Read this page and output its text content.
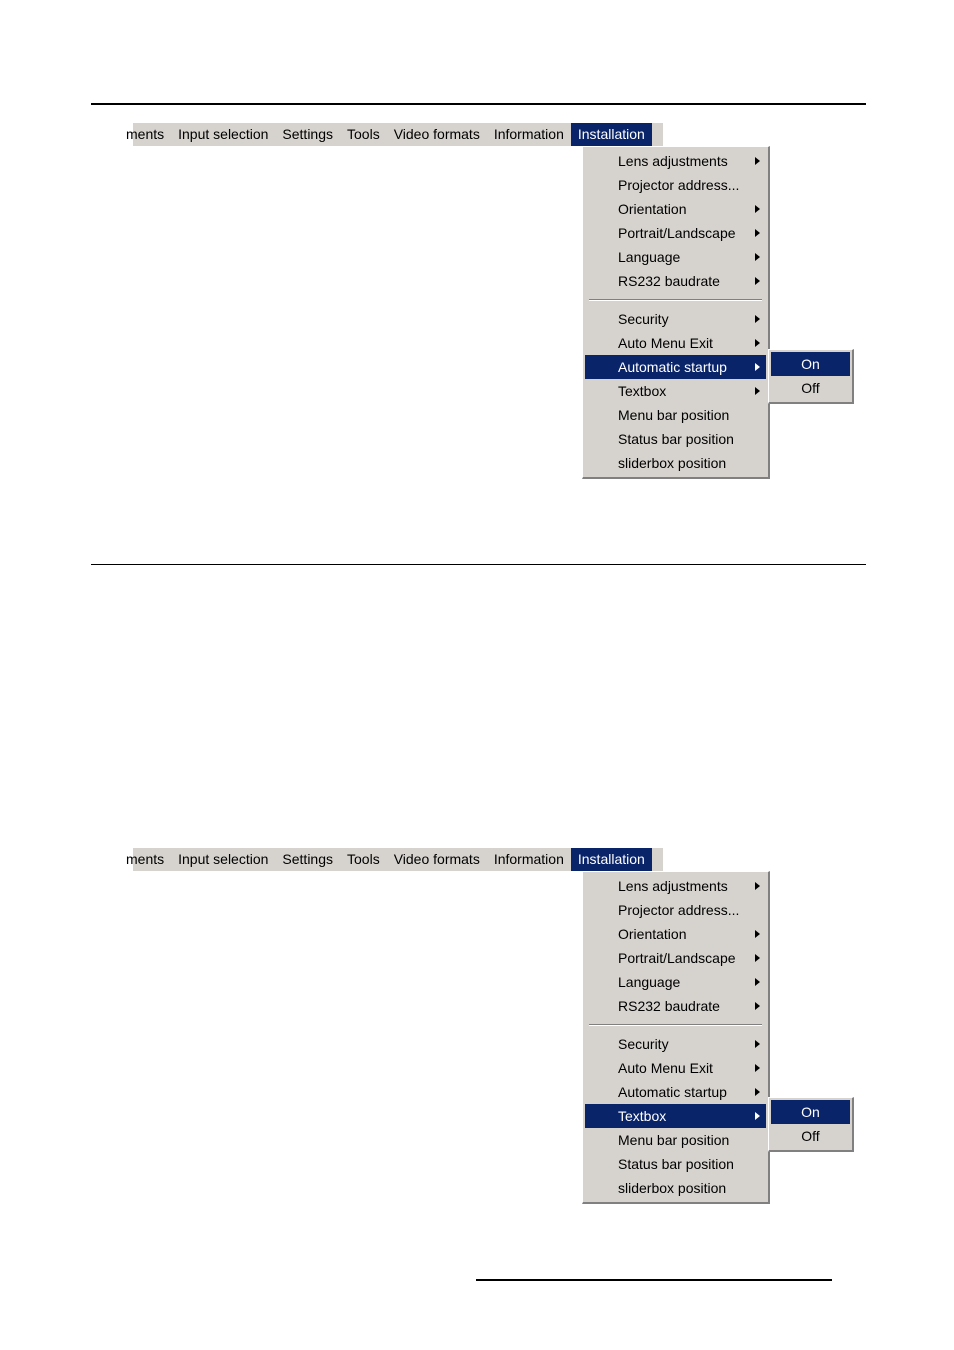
ments	Input selection	Settings	Tools	Video formats	Information	Installation
Lens adjustments
Projector address...
Orientation
Portrait/Landscape
Language
RS232 baudrate
Security
Auto Menu Exit
Automatic startup
Textbox
Menu bar position
Status bar position
sliderbox position
On
Off
ments	Input selection	Settings	Tools	Video formats	Information	Installation
Lens adjustments
Projector address...
Orientation
Portrait/Landscape
Language
RS232 baudrate
Security
Auto Menu Exit
Automatic startup
Textbox
Menu bar position
Status bar position
sliderbox position
On
Off
